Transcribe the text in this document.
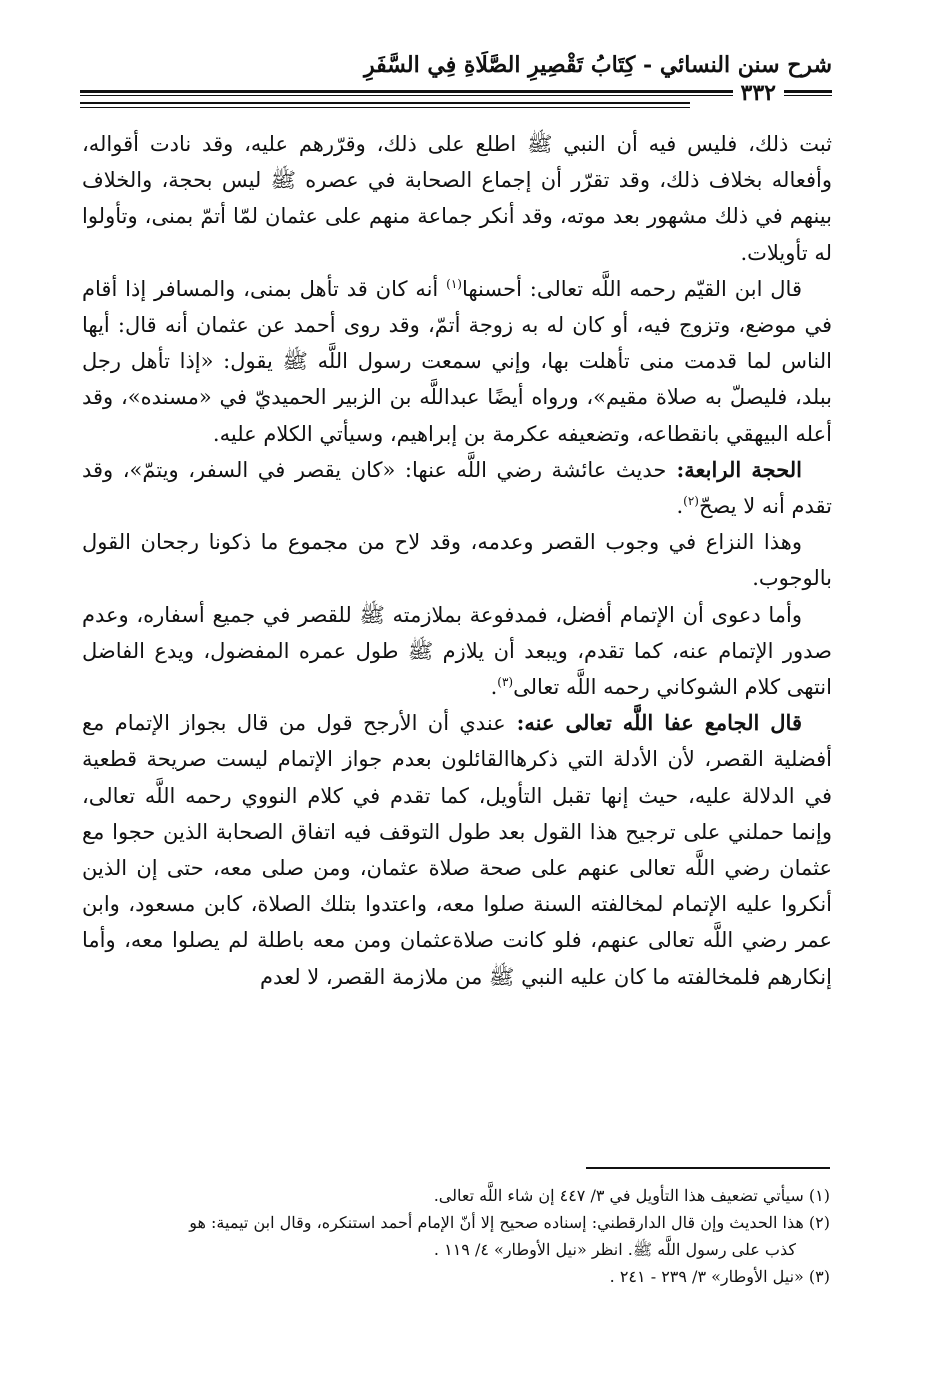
شرح سنن النسائي - كِتَابُ تَقْصِيرِ الصَّلَاةِ فِي السَّفَرِ
٣٣٢

ثبت ذلك، فليس فيه أن النبي ﷺ اطلع على ذلك، وقرّرهم عليه، وقد نادت أقواله، وأفعاله بخلاف ذلك، وقد تقرّر أن إجماع الصحابة في عصره ﷺ ليس بحجة، والخلاف بينهم في ذلك مشهور بعد موته، وقد أنكر جماعة منهم على عثمان لمّا أتمّ بمنى، وتأولوا له تأويلات.

قال ابن القيّم رحمه اللَّه تعالى: أحسنها$^{(١)}$ أنه كان قد تأهل بمنى، والمسافر إذا أقام في موضع، وتزوج فيه، أو كان له به زوجة أتمّ، وقد روى أحمد عن عثمان أنه قال: أيها الناس لما قدمت منى تأهلت بها، وإني سمعت رسول اللَّه ﷺ يقول: «إذا تأهل رجل ببلد، فليصلّ به صلاة مقيم»، ورواه أيضًا عبداللَّه بن الزبير الحميديّ في «مسنده»، وقد أعله البيهقي بانقطاعه، وتضعيفه عكرمة بن إبراهيم، وسيأتي الكلام عليه.

الحجة الرابعة: حديث عائشة رضي اللَّه عنها: «كان يقصر في السفر، ويتمّ»، وقد تقدم أنه لا يصحّ$^{(٢)}$.

وهذا النزاع في وجوب القصر وعدمه، وقد لاح من مجموع ما ذكونا رجحان القول بالوجوب.

وأما دعوى أن الإتمام أفضل، فمدفوعة بملازمته ﷺ للقصر في جميع أسفاره، وعدم صدور الإتمام عنه، كما تقدم، ويبعد أن يلازم ﷺ طول عمره المفضول، ويدع الفاضل انتهى كلام الشوكاني رحمه اللَّه تعالى$^{(٣)}$.

قال الجامع عفا اللَّه تعالى عنه: عندي أن الأرجح قول من قال بجواز الإتمام مع أفضلية القصر، لأن الأدلة التي ذكرهاالقائلون بعدم جواز الإتمام ليست صريحة قطعية في الدلالة عليه، حيث إنها تقبل التأويل، كما تقدم في كلام النووي رحمه اللَّه تعالى، وإنما حملني على ترجيح هذا القول بعد طول التوقف فيه اتفاق الصحابة الذين حجوا مع عثمان رضي اللَّه تعالى عنهم على صحة صلاة عثمان، ومن صلى معه، حتى إن الذين أنكروا عليه الإتمام لمخالفته السنة صلوا معه، واعتدوا بتلك الصلاة، كابن مسعود، وابن عمر رضي اللَّه تعالى عنهم، فلو كانت صلاةعثمان ومن معه باطلة لم يصلوا معه، وأما إنكارهم فلمخالفته ما كان عليه النبي ﷺ من ملازمة القصر، لا لعدم

(١) سيأتي تضعيف هذا التأويل في ٣/ ٤٤٧ إن شاء اللَّه تعالى.

(٢) هذا الحديث وإن قال الدارقطني: إسناده صحيح إلا أنّ الإمام أحمد استنكره، وقال ابن تيمية: هو

كذب على رسول اللَّه ﷺ. انظر «نيل الأوطار» ٤/ ١١٩ .

(٣) «نيل الأوطار» ٣/ ٢٣٩ - ٢٤١ .
